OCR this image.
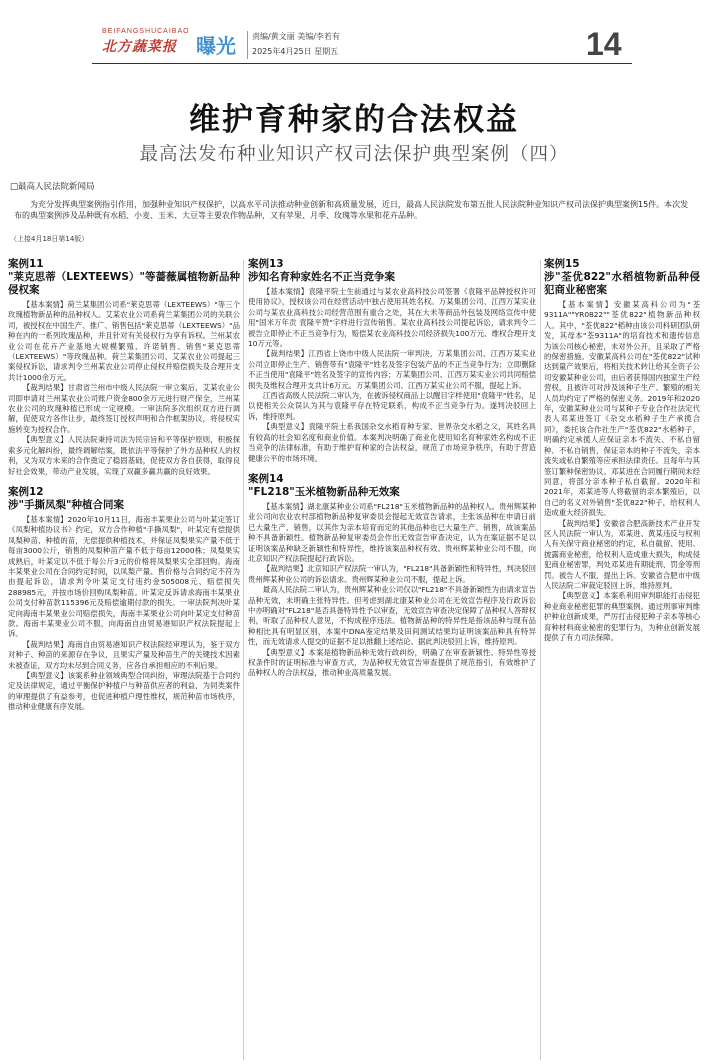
BEIFANGSHUCAIBAO
北方蔬菜报 曝光 责编/黄文丽 美编/李若有
2025年4月25日 星期五	14
维护育种家的合法权益
最高法发布种业知识产权司法保护典型案例（四）
□最高人民法院新闻局
为充分发挥典型案例指引作用，加强种业知识产权保护，以高水平司法推动种业创新和高质量发展，近日，最高人民法院发布第五批人民法院种业知识产权司法保护典型案例15件。本次发布的典型案例涉及品种既有水稻、小麦、玉米、大豆等主要农作物品种，又有苹果、月季、玫瑰等水果和花卉品种。
（上接4月18日第14版）
案例11
"莱克思蒂（LEXTEEWS）"等蔷薇属植物新品种侵权案

【基本案情】荷兰某集团公司系"莱克思蒂（LEXTEEWS）"等三个玫瑰植物新品种的品种权人。艾某农业公司系荷兰某集团公司的关联公司，被授权在中国生产、推广、销售包括"莱克思蒂（LEXTEEWS）"品种在内的一系列玫瑰品种，并且针对有关侵权行为享有诉权。兰州某农业公司在花卉产业基地大规模繁殖、许诺销售、销售"莱克思蒂（LEXTEEWS）"等玫瑰品种。荷兰某集团公司、艾某农业公司提起三案侵权诉讼，请求判令兰州某农业公司停止侵权并赔偿损失及合理开支共计1000余万元。

【裁判结果】甘肃省兰州市中级人民法院一审立案后，艾某农业公司即申请对兰州某农业公司账户资金800余万元进行财产保全，兰州某农业公司的玫瑰种植已形成一定规模。一审法院多次组织双方进行调解，促使双方各作让步，最终签订授权声明和合作框架协议，将侵权实施转变为授权合作。

【典型意义】人民法院秉持司法为民宗旨和平等保护原则，积极探索多元化解纠纷，最终调解结案，既依法平等保护了外方品种权人的权利，又为双方未来的合作奠定了稳固基础，促使双方各自获得，取得良好社会效果，带动产业发展，实现了双赢多赢共赢的良好效果。

案例12
涉"手撕凤梨"种植合同案

【基本案情】2020年10月11日，海南丰某果业公司与叶某定签订《凤梨种植协议书》约定，双方合作种植"手撕凤梨"，叶某定有偿提供凤梨种苗、种植的苗，无偿提供种植技术，并保证凤梨果实产量不低于每亩3000公斤，销售的凤梨种苗产量不低于每亩12000株；凤梨果实成熟后，叶某定以不低于每公斤3元的价格将凤梨果实全部回购。海南丰某果业公司在合同约定时间，以凤梨产量、售价格与合同约定不符为由提起诉讼，请求判令叶某定支付违约金505008元、赔偿损失288985元，并按市场价回购凤梨种苗。叶某定反诉请求海南丰某果业公司支付种苗款115396元及赔偿逾期付款的损失。一审法院判决叶某定向海南丰某果业公司赔偿损失，海南丰某果业公司向叶某定支付种苗款。海南丰某果业公司不服，向海南自由贸易港知识产权法院提起上诉。

【裁判结果】海南自由贸易港知识产权法院经审理认为，鉴于双方对种子、种苗的来源存在争议，且果实产量及种苗生产的关键技术因素未被查证，双方均未尽到合同义务，应各自承担相应的不利后果。

【典型意义】该案系种业领域典型合同纠纷，审理法院基于合同约定及法律规定，通过平衡保护种植户与种苗供应者的利益，为同类案件的审理提供了有益参考，也促进种植户理性维权，规范种苗市场秩序，推动种业健康有序发展。

案例13
涉知名育种家姓名不正当竞争案

【基本案情】袁隆平院士生前通过与某农业高科技公司签署《袁隆平品牌授权许可使用协议》，授权该公司在经营活动中独占使用其姓名权。万某集团公司、江西万某实业公司与某农业高科技公司经营范围有重合之处，其在大米等商品外包装及网络宣传中使用"国米万年贡 袁隆平赞"字样进行宣传销售。某农业高科技公司提起诉讼，请求判令二被告立即停止不正当竞争行为，赔偿某农业高科技公司经济损失100万元、维权合理开支10万元等。

【裁判结果】江西省上饶市中级人民法院一审判决，万某集团公司、江西万某实业公司立即停止生产、销售带有"袁隆平"姓名及签字包装产品的不正当竞争行为；立即删除不正当使用"袁隆平"姓名及签字的宣传内容；万某集团公司、江西万某实业公司共同赔偿损失及维权合理开支共计6万元。万某集团公司、江西万某实业公司不服，提起上诉。

江西省高级人民法院二审认为，在被诉侵权商品上以醒目字样使用"袁隆平"姓名，足以使相关公众误认为其与袁隆平存在特定联系，构成不正当竞争行为。遂判决驳回上诉，维持原判。

【典型意义】袁隆平院士系我国杂交水稻育种专家、世界杂交水稻之父，其姓名具有较高的社会知名度和商业价值。本案判决明确了商业化使用知名育种家姓名构成不正当竞争的法律标准，有助于维护育种家的合法权益，规范了市场竞争秩序，有助于营造健康公平的市场环境。

案例14
"FL218"玉米植物新品种无效案

【基本案情】湖北康某种业公司系"FL218"玉米植物新品种的品种权人。贵州辉某种业公司向农业农村部植物新品种复审委员会提起无效宣告请求，主张该品种在申请日前已大量生产、销售，以其作为亲本培育而定的其他品种也已大量生产、销售，故该案品种不具备新颖性。植物新品种复审委员会作出无效宣告审查决定，认为在案证据不足以证明该案品种缺乏新颖性和特异性，维持该案品种权有效。贵州辉某种业公司不服，向北京知识产权法院提起行政诉讼。

【裁判结果】北京知识产权法院一审认为，"FL218"具备新颖性和特异性，判决驳回贵州辉某种业公司的诉讼请求。贵州辉某种业公司不服，提起上诉。

最高人民法院二审认为，贵州辉某种业公司仅以"FL218"不具备新颖性为由请求宣告品种无效，未明确主张特异性。但考虑到湖北康某种业公司在无效宣告程序及行政诉讼中亦明确对"FL218"是否具备特异性予以审查，无效宣告审查决定保障了品种权人答辩权利，听取了品种权人意见，不构成程序违法。植物新品种的特异性是指该品种与现有品种相比具有明显区别，本案中DNA鉴定结果及田间测试结果均证明该案品种具有特异性，而无效请求人提交的证据不足以推翻上述结论。据此判决驳回上诉，维持原判。

【典型意义】本案是植物新品种无效行政纠纷，明确了在审查新颖性、特异性等授权条件时的证明标准与审查方式，为品种权无效宣告审查提供了规范指引，有效维护了品种权人的合法权益，推动种业高质量发展。

案例15
涉"荃优822"水稻植物新品种侵犯商业秘密案

【基本案情】安徽某高科公司为"荃9311A""YR0822""荃优822"植物新品种权人。其中，"荃优822"稻种由该公司科研团队研发，其母本"荃9311A"的培育技术和遗传信息为该公司核心秘密，未对外公开，且采取了严格的保密措施。安徽某高科公司在"荃优822"试种达到量产效果后，将相关技术转让给其全资子公司安徽某种业公司，由后者获得国内独家生产经营权，且被许可对涉及该种子生产、繁殖的相关人员均约定了严格的保密义务。2019年和2020年，安徽某种业公司与某种子专业合作社法定代表人邓某进签订《杂交水稻种子生产承揽合同》，委托该合作社生产"荃优822"水稻种子，明确约定承揽人应保证亲本不流失、不私自留种、不私自销售，保证亲本的种子不流失，亲本流失或私自繁殖等应承担法律责任。且每年与其签订繁种保密协议。邓某进在合同履行期间未经同意，将部分亲本种子私自截留。2020年和2021年，邓某进等人将截留的亲本繁殖后，以自己的名义对外销售"荃优822"种子，给权利人造成重大经济损失。

【裁判结果】安徽省合肥高新技术产业开发区人民法院一审认为，邓某进、黄某违反与权利人有关保守商业秘密的约定，私自截留、使用、披露商业秘密，给权利人造成重大损失，构成侵犯商业秘密罪，判处邓某进有期徒刑、罚金等刑罚。被告人不服，提出上诉。安徽省合肥市中级人民法院二审裁定驳回上诉，维持原判。

【典型意义】本案系利用审判职能打击侵犯种业商业秘密犯罪的典型案例。通过刑事审判维护种业创新成果，严厉打击侵犯种子亲本等核心育种材料商业秘密的犯罪行为，为种业创新发展提供了有力司法保障。
